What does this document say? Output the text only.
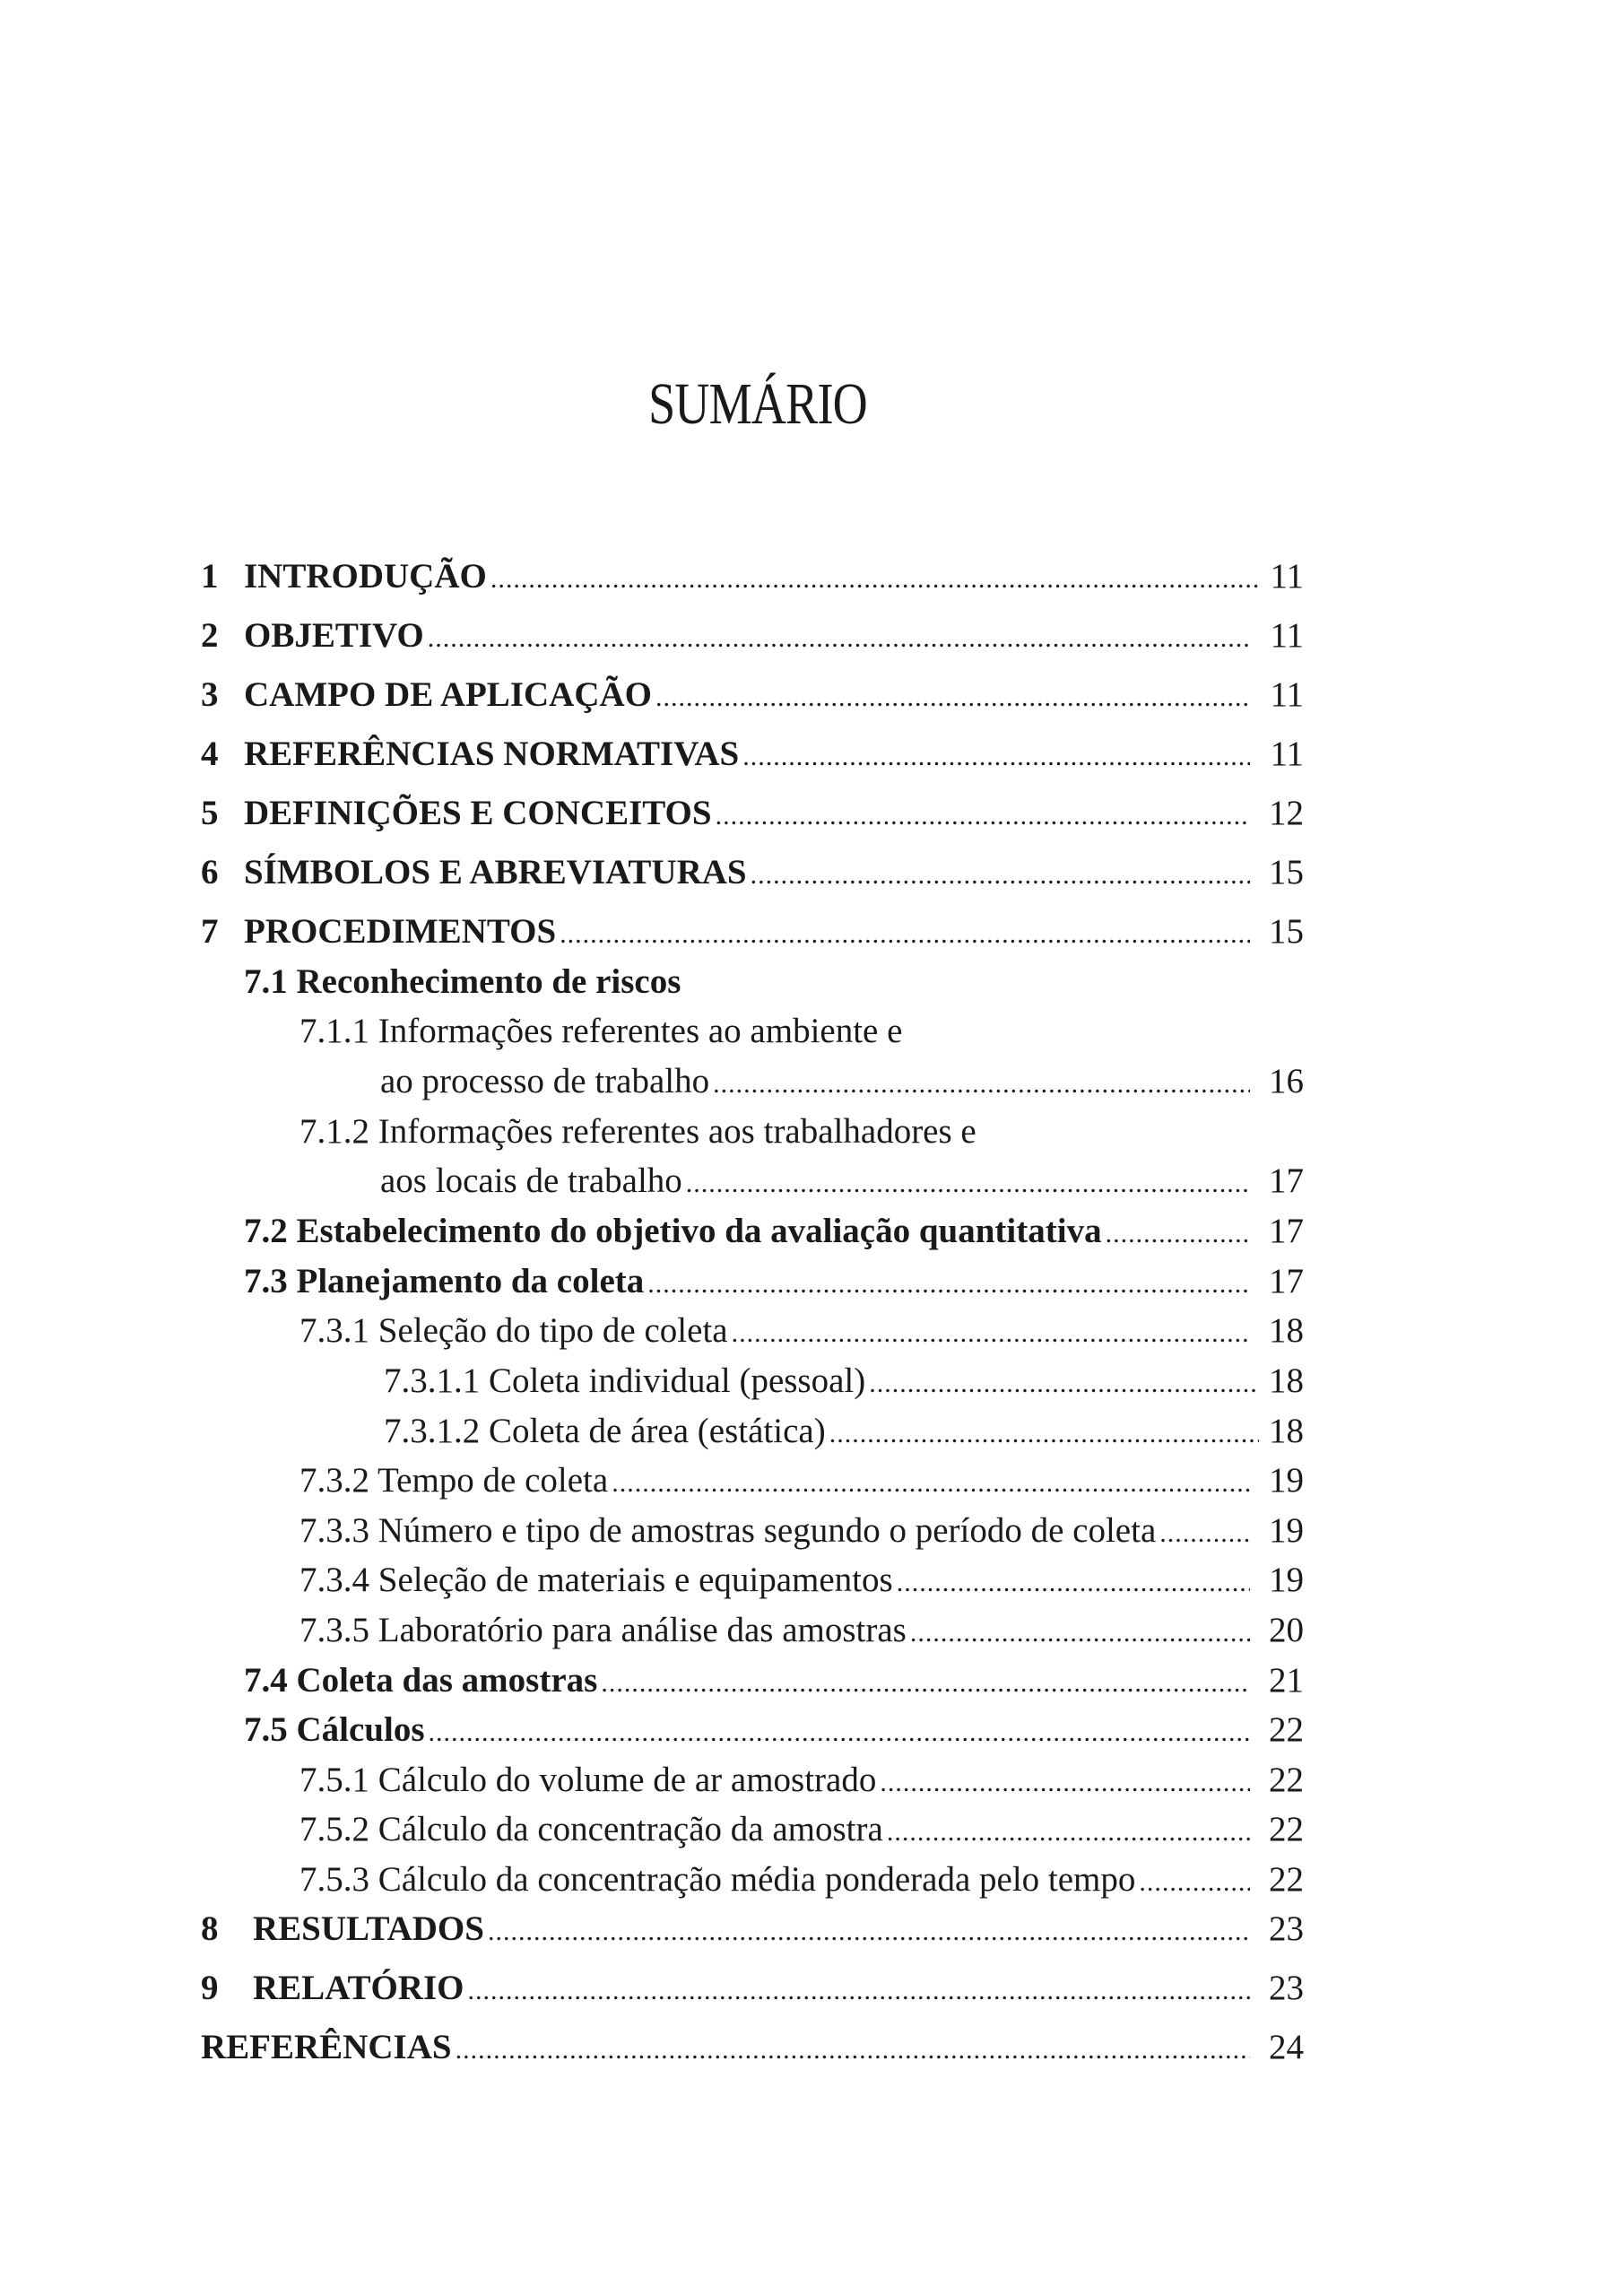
SUMÁRIO
1 INTRODUÇÃO .....	11
2 OBJETIVO .....	11
3 CAMPO DE APLICAÇÃO .....	11
4 REFERÊNCIAS NORMATIVAS .....	11
5 DEFINIÇÕES E CONCEITOS .....	12
6 SÍMBOLOS E ABREVIATURAS .....	15
7 PROCEDIMENTOS .....	15
7.1 Reconhecimento de riscos
7.1.1 Informações referentes ao ambiente e
ao processo de trabalho .....	16
7.1.2 Informações referentes aos trabalhadores e
aos locais de trabalho .....	17
7.2 Estabelecimento do objetivo da avaliação quantitativa .....	17
7.3 Planejamento da coleta .....	17
7.3.1 Seleção do tipo de coleta .....	18
7.3.1.1 Coleta individual (pessoal) .....	18
7.3.1.2 Coleta de área (estática) .....	18
7.3.2 Tempo de coleta .....	19
7.3.3 Número e tipo de amostras segundo o período de coleta .....	19
7.3.4 Seleção de materiais e equipamentos .....	19
7.3.5 Laboratório para análise das amostras .....	20
7.4 Coleta das amostras .....	21
7.5 Cálculos .....	22
7.5.1 Cálculo do volume de ar amostrado .....	22
7.5.2 Cálculo da concentração da amostra .....	22
7.5.3 Cálculo da concentração média ponderada pelo tempo .....	22
8 RESULTADOS .....	23
9 RELATÓRIO .....	23
REFERÊNCIAS .....	24
